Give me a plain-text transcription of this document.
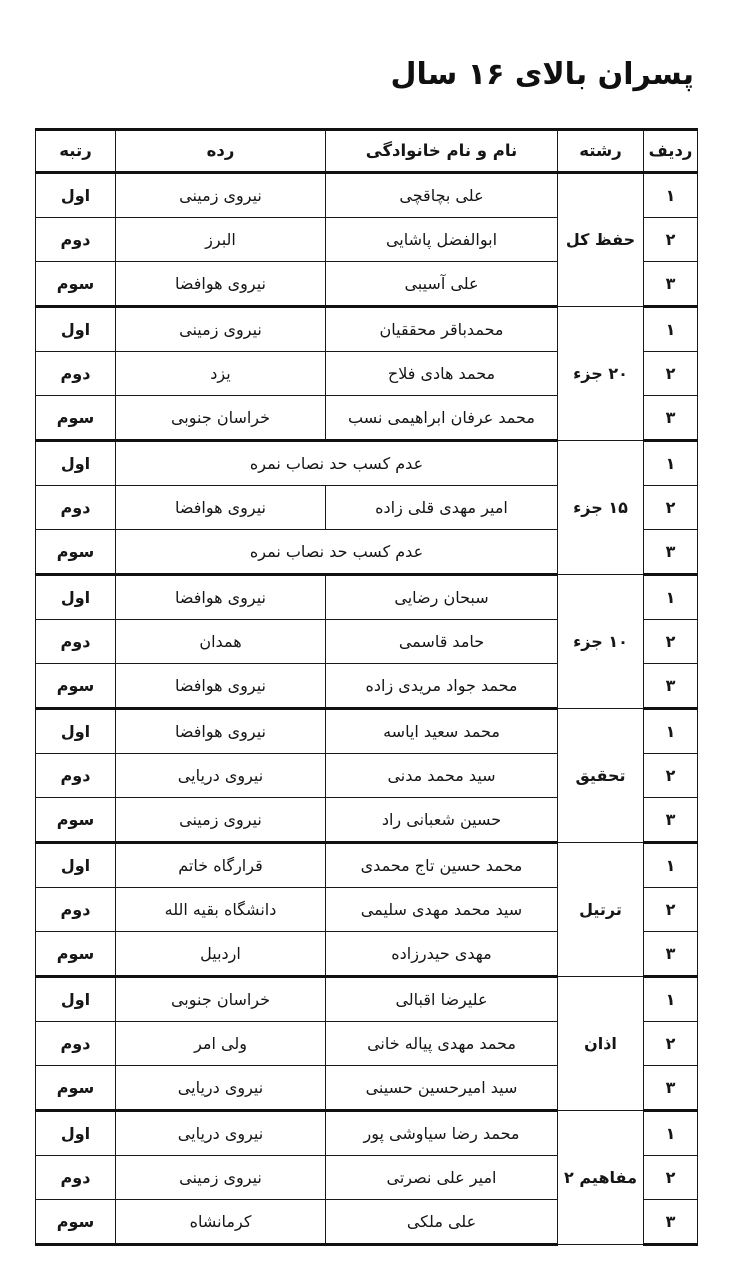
پسران بالای ۱۶ سال
ردیف	رشته	نام و نام خانوادگی	رده	رتبه
۱	حفظ کل	علی بچاقچی	نیروی زمینی	اول
۲		ابوالفضل پاشایی	البرز	دوم
۳		علی آسیبی	نیروی هوافضا	سوم
۱	۲۰ جزء	محمدباقر محققیان	نیروی زمینی	اول
۲		محمد هادی فلاح	یزد	دوم
۳		محمد عرفان ابراهیمی نسب	خراسان جنوبی	سوم
۱	۱۵ جزء	عدم کسب حد نصاب نمره		اول
۲		امیر مهدی قلی زاده	نیروی هوافضا	دوم
۳		عدم کسب حد نصاب نمره		سوم
۱	۱۰ جزء	سبحان رضایی	نیروی هوافضا	اول
۲		حامد قاسمی	همدان	دوم
۳		محمد جواد مریدی زاده	نیروی هوافضا	سوم
۱	تحقیق	محمد سعید ایاسه	نیروی هوافضا	اول
۲		سید محمد مدنی	نیروی دریایی	دوم
۳		حسین شعبانی راد	نیروی زمینی	سوم
۱	ترتیل	محمد حسین تاج محمدی	قرارگاه خاتم	اول
۲		سید محمد مهدی سلیمی	دانشگاه بقیه الله	دوم
۳		مهدی حیدرزاده	اردبیل	سوم
۱	اذان	علیرضا اقبالی	خراسان جنوبی	اول
۲		محمد مهدی پیاله خانی	ولی امر	دوم
۳		سید امیرحسین حسینی	نیروی دریایی	سوم
۱	مفاهیم ۲	محمد رضا سیاوشی پور	نیروی دریایی	اول
۲		امیر علی نصرتی	نیروی زمینی	دوم
۳		علی ملکی	کرمانشاه	سوم
